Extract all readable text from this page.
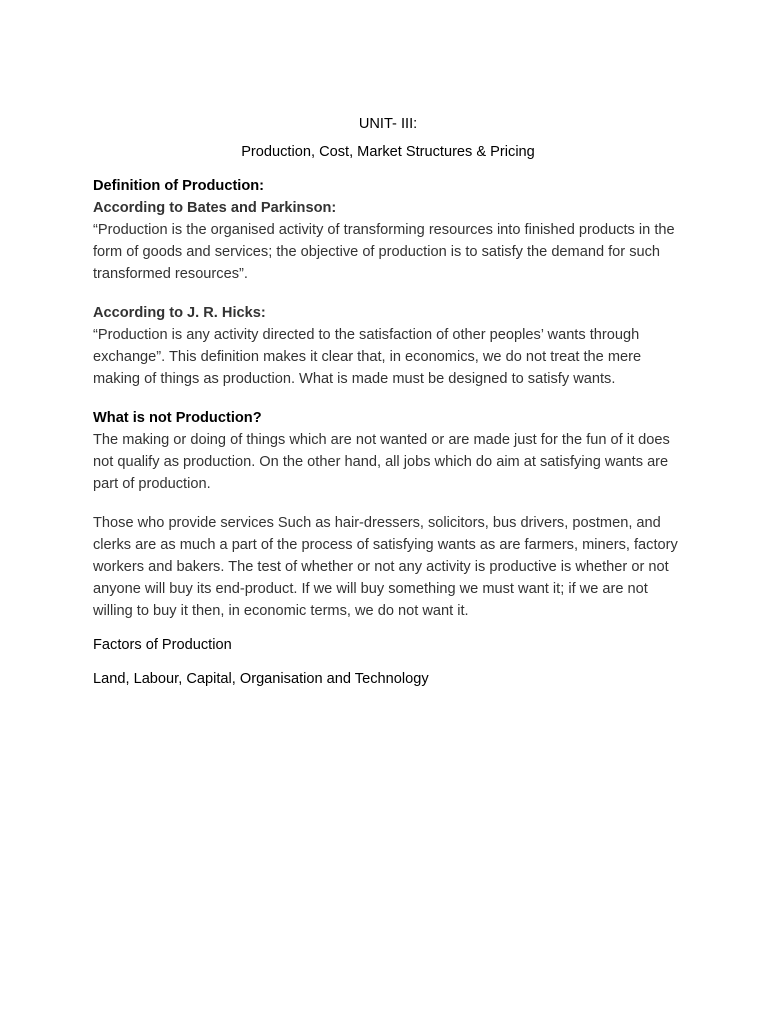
UNIT- III:

Production, Cost, Market Structures & Pricing

Definition of Production:

According to Bates and Parkinson:

“Production is the organised activity of transforming resources into finished products in the form of goods and services; the objective of production is to satisfy the demand for such transformed resources”.

According to J. R. Hicks:

“Production is any activity directed to the satisfaction of other peoples’ wants through exchange”. This definition makes it clear that, in economics, we do not treat the mere making of things as production. What is made must be designed to satisfy wants.

What is not Production?

The making or doing of things which are not wanted or are made just for the fun of it does not qualify as production. On the other hand, all jobs which do aim at satisfying wants are part of production.

Those who provide services Such as hair-dressers, solicitors, bus drivers, postmen, and clerks are as much a part of the process of satisfying wants as are farmers, miners, factory workers and bakers. The test of whether or not any activity is productive is whether or not anyone will buy its end-product. If we will buy something we must want it; if we are not willing to buy it then, in economic terms, we do not want it.

Factors of Production

Land, Labour, Capital, Organisation and Technology
